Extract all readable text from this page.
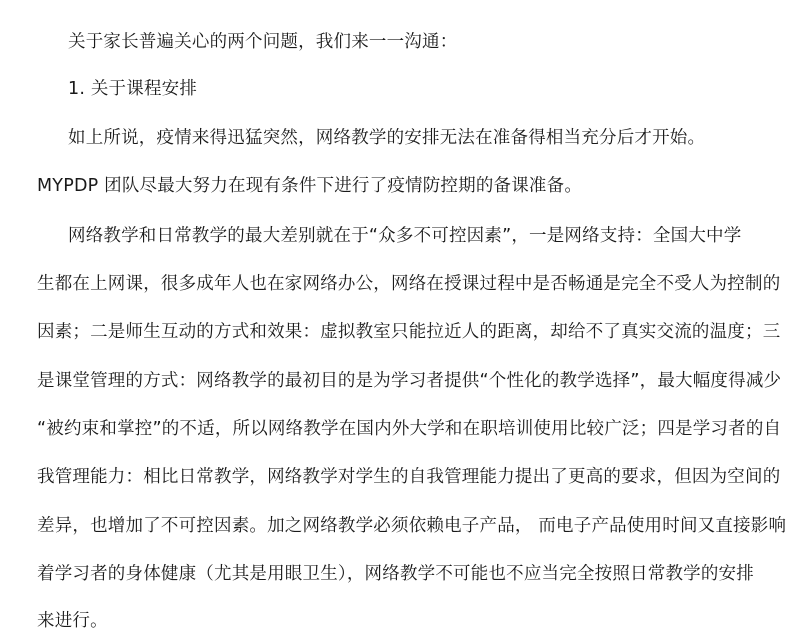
关于家长普遍关心的两个问题，我们来一一沟通：
1. 关于课程安排
如上所说，疫情来得迅猛突然，网络教学的安排无法在准备得相当充分后才开始。
MYPDP 团队尽最大努力在现有条件下进行了疫情防控期的备课准备。
网络教学和日常教学的最大差别就在于“众多不可控因素”，一是网络支持：全国大中学
生都在上网课，很多成年人也在家网络办公，网络在授课过程中是否畅通是完全不受人为控制的
因素；二是师生互动的方式和效果：虚拟教室只能拉近人的距离，却给不了真实交流的温度；三
是课堂管理的方式：网络教学的最初目的是为学习者提供“个性化的教学选择”，最大幅度得减少
“被约束和掌控”的不适，所以网络教学在国内外大学和在职培训使用比较广泛；四是学习者的自
我管理能力：相比日常教学，网络教学对学生的自我管理能力提出了更高的要求，但因为空间的
差异，也增加了不可控因素。加之网络教学必须依赖电子产品， 而电子产品使用时间又直接影响
着学习者的身体健康（尤其是用眼卫生），网络教学不可能也不应当完全按照日常教学的安排
来进行。
